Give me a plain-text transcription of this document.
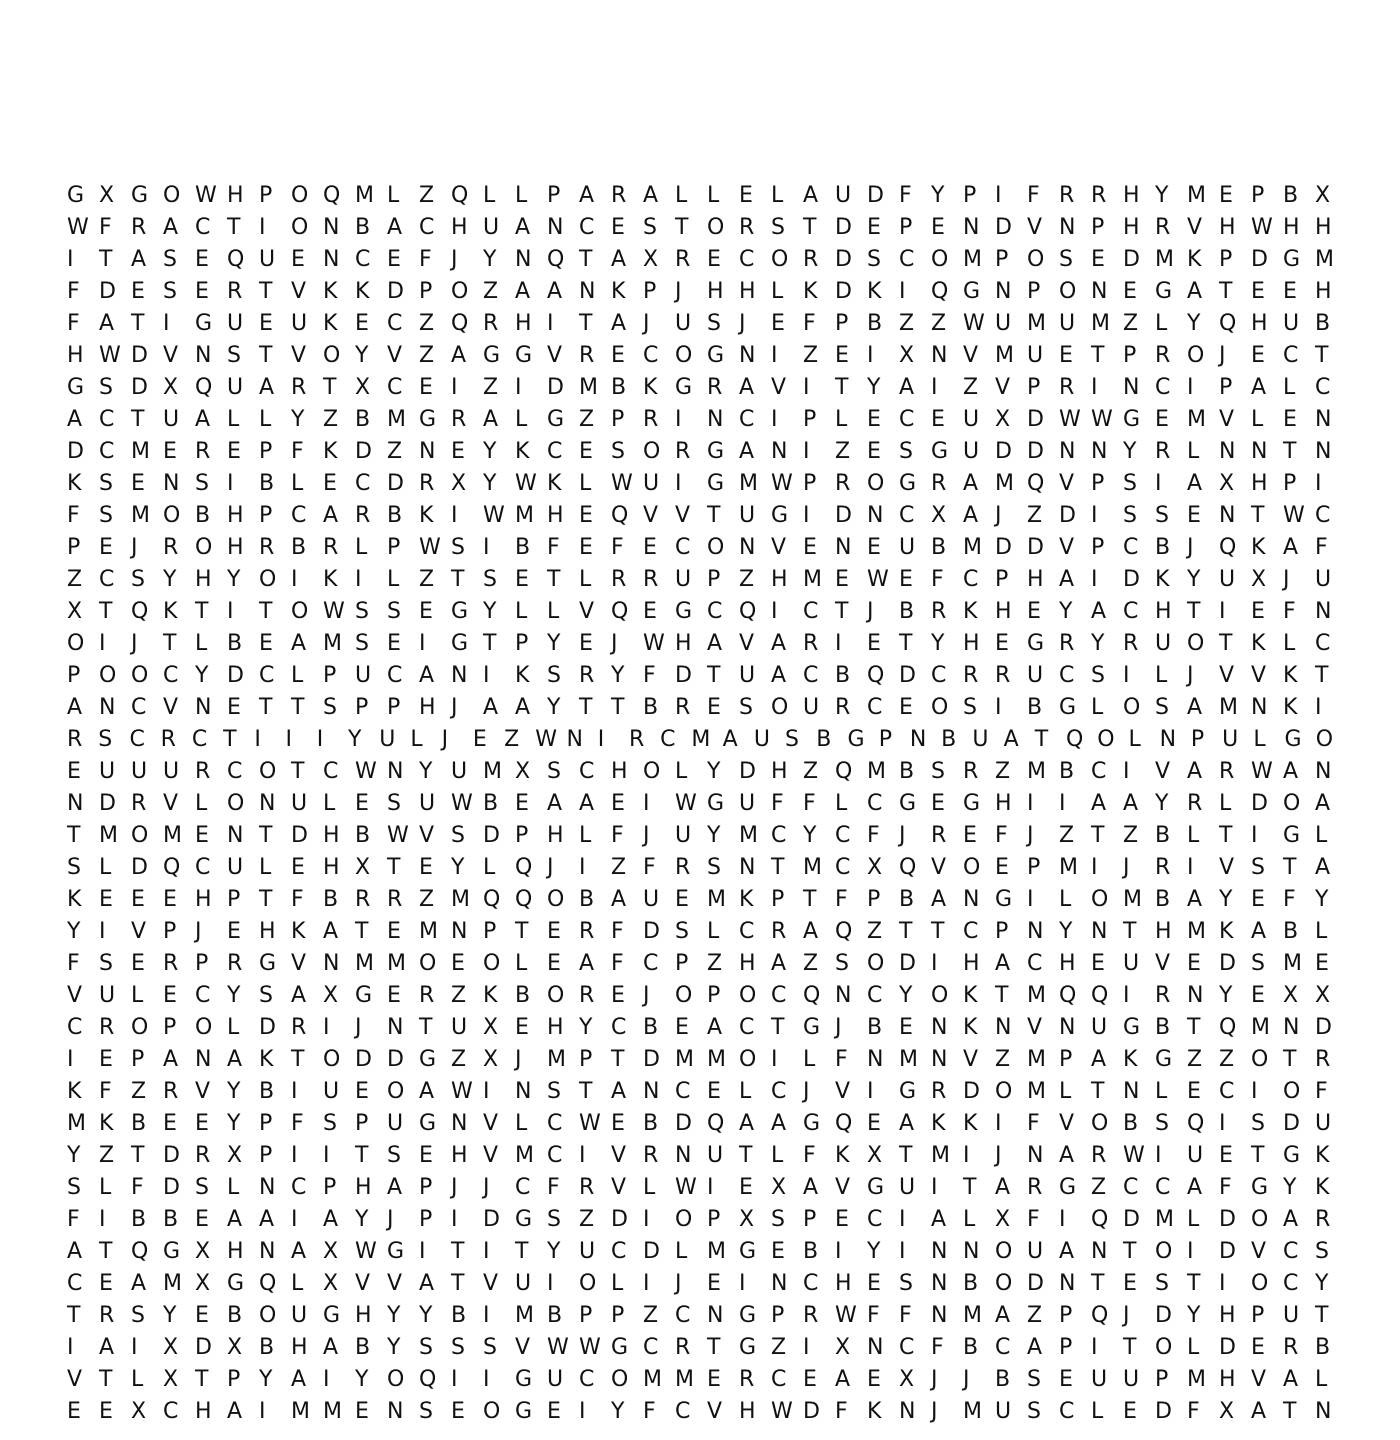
G X G O W H P O Q M L Z Q L L P A R A L L E L A U D F Y P I	F R R H Y M E P B X
W F R A C T I	O N B A C H U A N C E S T O R S T D E P E N D V N P H R V H W H H
I	T A S E Q U E N C E F J	Y N Q T A X R E C O R D S C O M P O S E D M K P D G M
F D E S E R T V K K D P O Z A A N K P J	H H L K D K I	Q G N P O N E G A T E E H
F A T I	G U E U K E C Z Q R H I	T A J	U S J	E F P B Z Z W U M U M Z L Y Q H U B
H W D V N S T V O Y V Z A G G V R E C O G N I	Z E I	X N V M U E T P R O J	E C T
G S D X Q U A R T X C E I	Z I	D M B K G R A V I	T Y A I	Z V P R I	N C I	P A L C
A C T U A L L Y Z B M G R A L G Z P R I	N C I	P L E C E U X D W W G E M V L E N
D C M E R E P F K D Z N E Y K C E S O R G A N I	Z E S G U D D N N Y R L N N T N
K S E N S I	B L E C D R X Y W K L W U I	G M W P R O G R A M Q V P S I	A X H P I
F S M O B H P C A R B K I	W M H E Q V V T U G I	D N C X A J	Z D I	S S E N T W C
P E J	R O H R B R L P W S I	B F E F E C O N V E N E U B M D D V P C B J	Q K A F
Z C S Y H Y O I	K I	L Z T S E T L R R U P Z H M E W E F C P H A I	D K Y U X J	U
X T Q K T I	T O W S S E G Y L L V Q E G C Q I	C T J	B R K H E Y A C H T I	E F N
O I	J	T L B E A M S E I	G T P Y E J	W H A V A R I	E T Y H E G R Y R U O T K L C
P O O C Y D C L P U C A N I	K S R Y F D T U A C B Q D C R R U C S I	L J	V V K T
A N C V N E T T S P P H J	A A Y T T B R E S O U R C E O S I	B G L O S A M N K I
R S C R C T I	I	I	Y U L J	E Z W N I	R C M A U S B G P N B U A T Q O L N P U L G O
E U U U R C O T C W N Y U M X S C H O L Y D H Z Q M B S R Z M B C I	V A R W A N
N D R V L O N U L E S U W B E A A E I	W G U F F L C G E G H I	I	A A Y R L D O A
T M O M E N T D H B W V S D P H L F J	U Y M C Y C F J	R E F J	Z T Z B L T I	G L
S L D Q C U L E H X T E Y L Q J	I	Z F R S N T M C X Q V O E P M I	J	R I	V S T A
K E E E H P T F B R R Z M Q Q O B A U E M K P T F P B A N G I	L O M B A Y E F Y
Y I	V P J	E H K A T E M N P T E R F D S L C R A Q Z T T C P N Y N T H M K A B L
F S E R P R G V N M M O E O L E A F C P Z H A Z S O D I	H A C H E U V E D S M E
V U L E C Y S A X G E R Z K B O R E J	O P O C Q N C Y O K T M Q Q I	R N Y E X X
C R O P O L D R I	J	N T U X E H Y C B E A C T G J	B E N K N V N U G B T Q M N D
I	E P A N A K T O D D G Z X J	M P T D M M O I	L F N M N V Z M P A K G Z Z O T R
K F Z R V Y B I	U E O A W I	N S T A N C E L C J	V I	G R D O M L T N L E C I	O F
M K B E E Y P F S P U G N V L C W E B D Q A A G Q E A K K I	F V O B S Q I	S D U
Y Z T D R X P I	I	T S E H V M C I	V R N U T L F K X T M I	J	N A R W I	U E T G K
S L F D S L N C P H A P J	J	C F R V L W I	E X A V G U I	T A R G Z C C A F G Y K
F I	B B E A A I	A Y J	P I	D G S Z D I	O P X S P E C I	A L X F I	Q D M L D O A R
A T Q G X H N A X W G I	T I	T Y U C D L M G E B I	Y I	N N O U A N T O I	D V C S
C E A M X G Q L X V V A T V U I	O L I	J	E I	N C H E S N B O D N T E S T I	O C Y
T R S Y E B O U G H Y Y B I	M B P P Z C N G P R W F F N M A Z P Q J	D Y H P U T
I	A I	X D X B H A B Y S S S V W W G C R T G Z I	X N C F B C A P I	T O L D E R B
V T L X T P Y A I	Y O Q I	I	G U C O M M E R C E A E X J	J	B S E U U P M H V A L
E E X C H A I	M M E N S E O G E I	Y F C V H W D F K N J	M U S C L E D F X A T N
